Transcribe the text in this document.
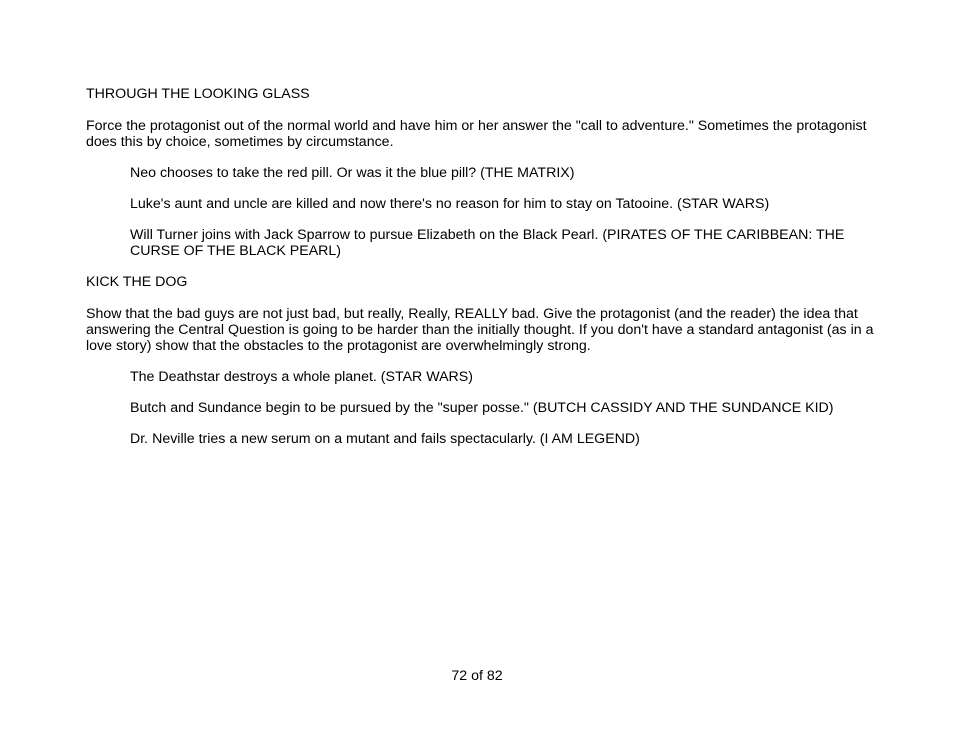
THROUGH THE LOOKING GLASS
Force the protagonist out of the normal world and have him or her answer the "call to adventure." Sometimes the protagonist does this by choice, sometimes by circumstance.
Neo chooses to take the red pill. Or was it the blue pill? (THE MATRIX)
Luke's aunt and uncle are killed and now there's no reason for him to stay on Tatooine. (STAR WARS)
Will Turner joins with Jack Sparrow to pursue Elizabeth on the Black Pearl. (PIRATES OF THE CARIBBEAN: THE CURSE OF THE BLACK PEARL)
KICK THE DOG
Show that the bad guys are not just bad, but really, Really, REALLY bad. Give the protagonist (and the reader) the idea that answering the Central Question is going to be harder than the initially thought. If you don't have a standard antagonist (as in a love story) show that the obstacles to the protagonist are overwhelmingly strong.
The Deathstar destroys a whole planet. (STAR WARS)
Butch and Sundance begin to be pursued by the "super posse." (BUTCH CASSIDY AND THE SUNDANCE KID)
Dr. Neville tries a new serum on a mutant and fails spectacularly. (I AM LEGEND)
72 of 82
